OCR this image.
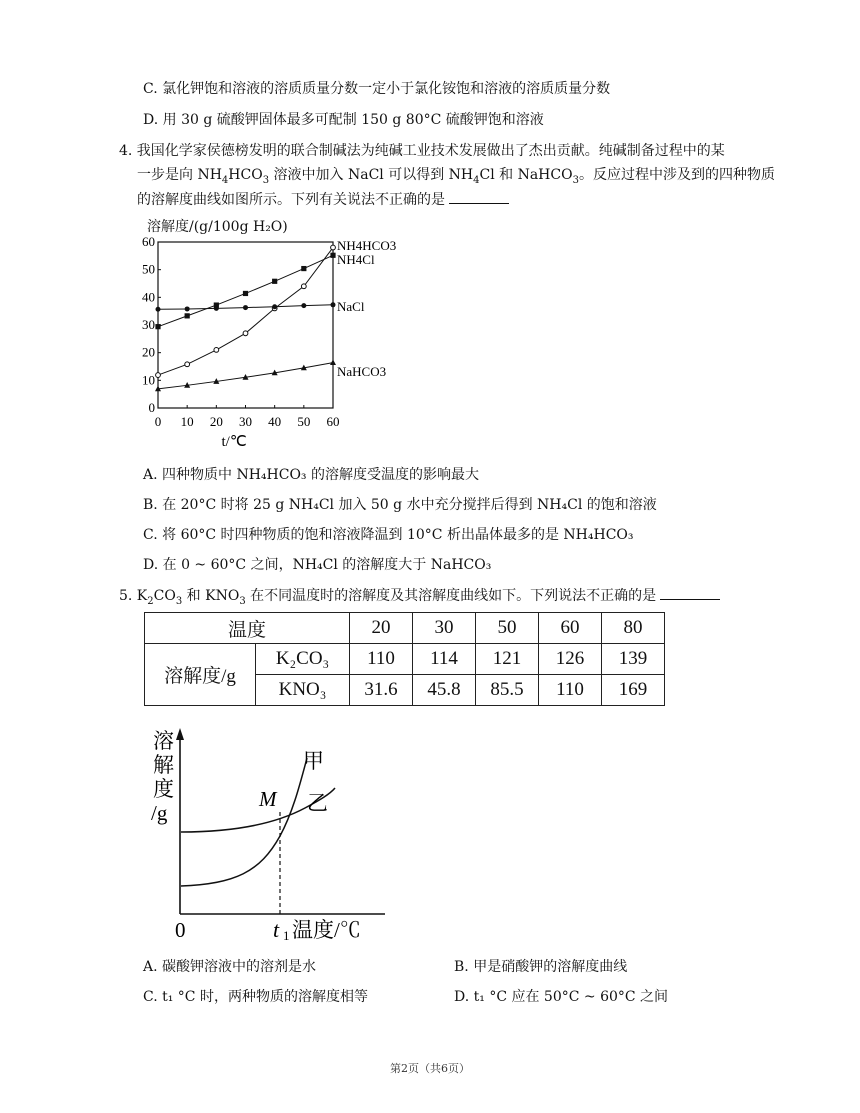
C. 氯化钾饱和溶液的溶质质量分数一定小于氯化铵饱和溶液的溶质质量分数
D. 用 30 g 硫酸钾固体最多可配制 150 g 80°C 硫酸钾饱和溶液
4. 我国化学家侯德榜发明的联合制碱法为纯碱工业技术发展做出了杰出贡献。纯碱制备过程中的某
一步是向 $NH_4HCO_3$ 溶液中加入 NaCl 可以得到 $NH_4Cl$ 和 NaHCO$_3$。反应过程中涉及到的四种物质
的溶解度曲线如图所示。下列有关说法不正确的是
溶解度/(g/100g H₂O)
0 10 20 30 40 50 60
0
10
20
30
40
50
60
t/℃
NH4HCO3
NH4Cl
NaCl
NaHCO3
A. 四种物质中 NH₄HCO₃ 的溶解度受温度的影响最大
B. 在 20°C 时将 25 g NH₄Cl 加入 50 g 水中充分搅拌后得到 NH₄Cl 的饱和溶液
C. 将 60°C 时四种物质的饱和溶液降温到 10°C 析出晶体最多的是 NH₄HCO₃
D. 在 0 ~ 60°C 之间，NH₄Cl 的溶解度大于 NaHCO₃
5. $K_2CO_3$ 和 $KNO_3$ 在不同温度时的溶解度及其溶解度曲线如下。下列说法不正确的是
温度		20	30	50	60	80
溶解度/g	K₂CO₃	110	114	121	126	139
	KNO₃	31.6	45.8	85.5	110	169
溶
解
度
/g
0	t 1 温度/℃
M
甲
乙
A. 碳酸钾溶液中的溶剂是水	B. 甲是硝酸钾的溶解度曲线
C. t₁ °C 时，两种物质的溶解度相等	D. t₁ °C 应在 50°C ~ 60°C 之间
第2页（共6页）
